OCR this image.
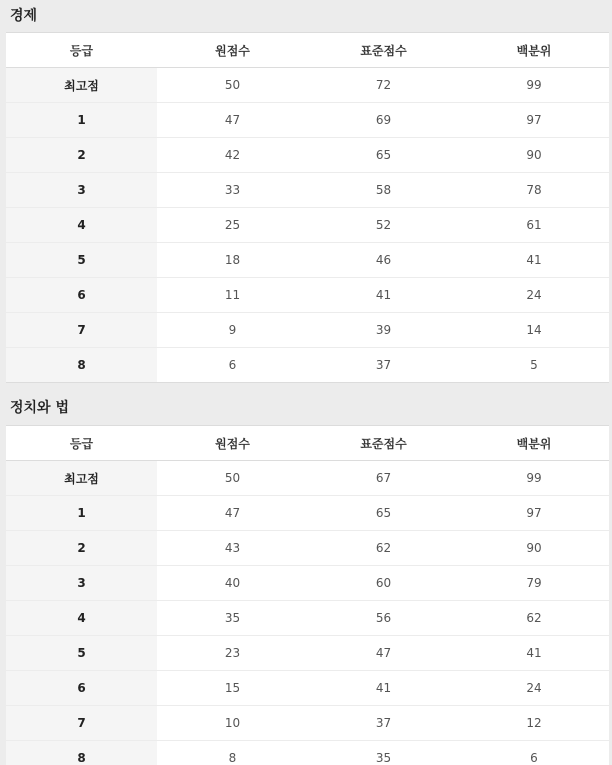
경제
등급	원점수	표준점수	백분위
최고점	50	72	99
1	47	69	97
2	42	65	90
3	33	58	78
4	25	52	61
5	18	46	41
6	11	41	24
7	9	39	14
8	6	37	5
정치와 법
등급	원점수	표준점수	백분위
최고점	50	67	99
1	47	65	97
2	43	62	90
3	40	60	79
4	35	56	62
5	23	47	41
6	15	41	24
7	10	37	12
8	8	35	6
